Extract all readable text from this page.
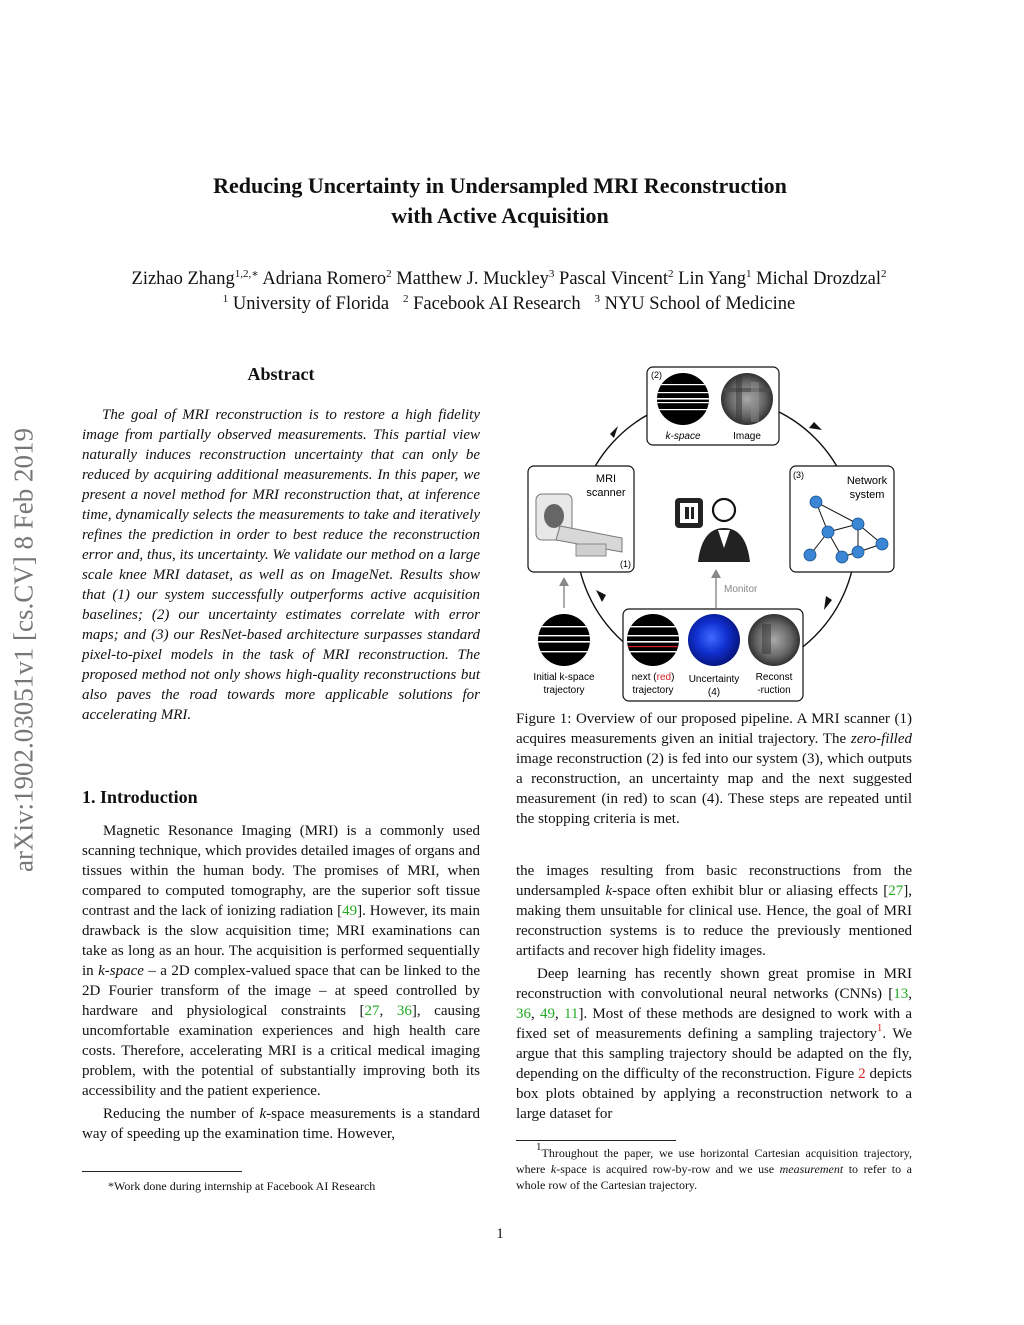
Reducing Uncertainty in Undersampled MRI Reconstruction
with Active Acquisition
Zizhao Zhang$^{1,2,∗}$ Adriana Romero$^2$ Matthew J. Muckley$^3$ Pascal Vincent$^2$ Lin Yang$^1$ Michal Drozdzal$^2$
$^1$ University of Florida $^2$ Facebook AI Research $^3$ NYU School of Medicine
arXiv:1902.03051v1 [cs.CV] 8 Feb 2019
Abstract

The goal of MRI reconstruction is to restore a high fidelity image from partially observed measurements. This partial view naturally induces reconstruction uncertainty that can only be reduced by acquiring additional measurements. In this paper, we present a novel method for MRI reconstruction that, at inference time, dynamically selects the measurements to take and iteratively refines the prediction in order to best reduce the reconstruction error and, thus, its uncertainty. We validate our method on a large scale knee MRI dataset, as well as on ImageNet. Results show that (1) our system successfully outperforms active acquisition baselines; (2) our uncertainty estimates correlate with error maps; and (3) our ResNet-based architecture surpasses standard pixel-to-pixel models in the task of MRI reconstruction. The proposed method not only shows high-quality reconstructions but also paves the road towards more applicable solutions for accelerating MRI.

1. Introduction

Magnetic Resonance Imaging (MRI) is a commonly used scanning technique, which provides detailed images of organs and tissues within the human body. The promises of MRI, when compared to computed tomography, are the superior soft tissue contrast and the lack of ionizing radiation [49]. However, its main drawback is the slow acquisition time; MRI examinations can take as long as an hour. The acquisition is performed sequentially in k-space – a 2D complex-valued space that can be linked to the 2D Fourier transform of the image – at speed controlled by hardware and physiological constraints [27, 36], causing uncomfortable examination experiences and high health care costs. Therefore, accelerating MRI is a critical medical imaging problem, with the potential of substantially improving both its accessibility and the patient experience.

Reducing the number of k-space measurements is a standard way of speeding up the examination time. However,

*Work done during internship at Facebook AI Research
(2)
k-space	Image
(3)	Network
system
MRI
scanner
(1)
Monitor
Initial k-space
trajectory
next (red)
trajectory
Uncertainty
(4)
Reconst
-ruction

Figure 1: Overview of our proposed pipeline. A MRI scanner (1) acquires measurements given an initial trajectory. The zero-filled image reconstruction (2) is fed into our system (3), which outputs a reconstruction, an uncertainty map and the next suggested measurement (in red) to scan (4). These steps are repeated until the stopping criteria is met.

the images resulting from basic reconstructions from the undersampled k-space often exhibit blur or aliasing effects [27], making them unsuitable for clinical use. Hence, the goal of MRI reconstruction systems is to reduce the previously mentioned artifacts and recover high fidelity images.

Deep learning has recently shown great promise in MRI reconstruction with convolutional neural networks (CNNs) [13, 36, 49, 11]. Most of these methods are designed to work with a fixed set of measurements defining a sampling trajectory$^1$. We argue that this sampling trajectory should be adapted on the fly, depending on the difficulty of the reconstruction. Figure 2 depicts box plots obtained by applying a reconstruction network to a large dataset for

$^1$Throughout the paper, we use horizontal Cartesian acquisition trajectory, where k-space is acquired row-by-row and we use measurement to refer to a whole row of the Cartesian trajectory.
1
